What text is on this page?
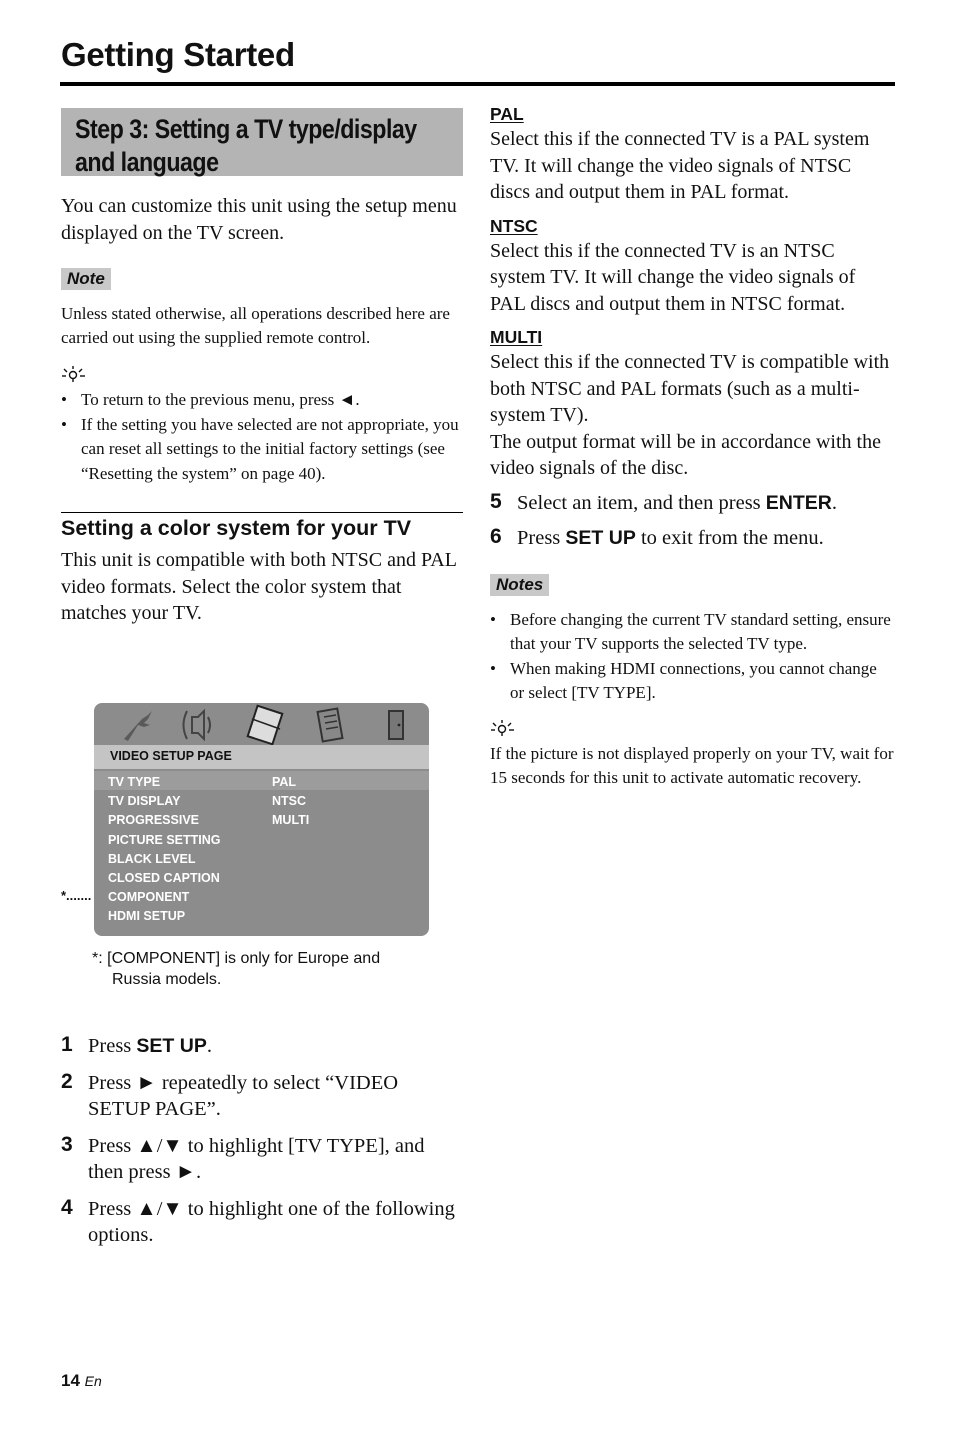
Getting Started
Step 3: Setting a TV type/display
and language

You can customize this unit using the setup menu displayed on the TV screen.

Note

Unless stated otherwise, all operations described here are carried out using the supplied remote control.

• To return to the previous menu, press ◄.
• If the setting you have selected are not appropriate, you can reset all settings to the initial factory settings (see “Resetting the system” on page 40).
Setting a color system for your TV

This unit is compatible with both NTSC and PAL video formats. Select the color system that matches your TV.

VIDEO SETUP PAGE
TV TYPE
TV DISPLAY
PROGRESSIVE
PICTURE SETTING
BLACK LEVEL
CLOSED CAPTION
COMPONENT
HDMI SETUP
PAL
NTSC
MULTI
*.......
*: [COMPONENT] is only for Europe and
Russia models.
1 Press SET UP.
2 Press ► repeatedly to select “VIDEO SETUP PAGE”.
3 Press ▲/▼ to highlight [TV TYPE], and then press ►.
4 Press ▲/▼ to highlight one of the following options.
PAL

Select this if the connected TV is a PAL system TV. It will change the video signals of NTSC discs and output them in PAL format.

NTSC

Select this if the connected TV is an NTSC system TV. It will change the video signals of PAL discs and output them in NTSC format.

MULTI

Select this if the connected TV is compatible with both NTSC and PAL formats (such as a multi-system TV).

The output format will be in accordance with the video signals of the disc.

5 Select an item, and then press ENTER.
6 Press SET UP to exit from the menu.
Notes
• Before changing the current TV standard setting, ensure that your TV supports the selected TV type.
• When making HDMI connections, you cannot change or select [TV TYPE].

If the picture is not displayed properly on your TV, wait for 15 seconds for this unit to activate automatic recovery.

14 En
